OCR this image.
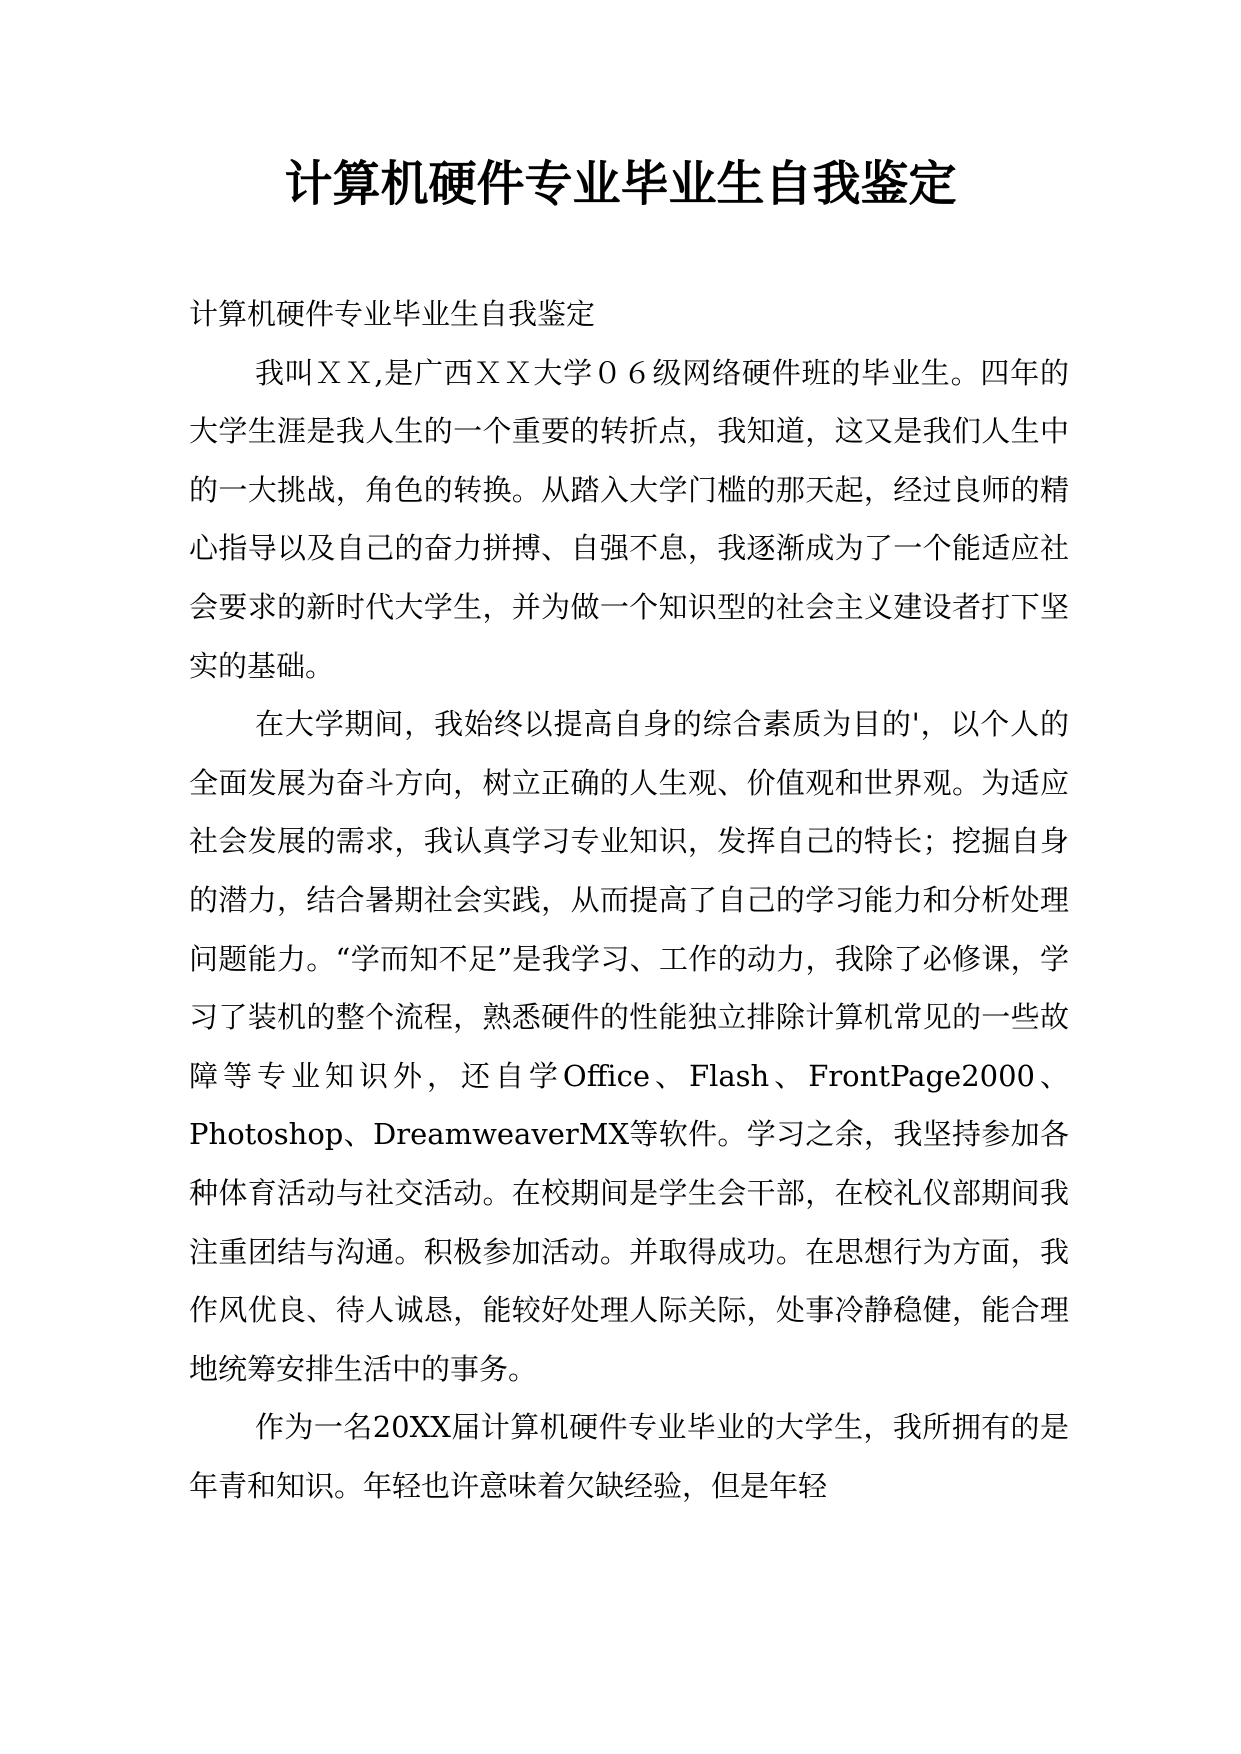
计算机硬件专业毕业生自我鉴定

计算机硬件专业毕业生自我鉴定

我叫ＸＸ,是广西ＸＸ大学０６级网络硬件班的毕业生。四年的大学生涯是我人生的一个重要的转折点，我知道，这又是我们人生中的一大挑战，角色的转换。从踏入大学门槛的那天起，经过良师的精心指导以及自己的奋力拼搏、自强不息，我逐渐成为了一个能适应社会要求的新时代大学生，并为做一个知识型的社会主义建设者打下坚实的基础。

在大学期间，我始终以提高自身的综合素质为目的'，以个人的全面发展为奋斗方向，树立正确的人生观、价值观和世界观。为适应社会发展的需求，我认真学习专业知识，发挥自己的特长；挖掘自身的潜力，结合暑期社会实践，从而提高了自己的学习能力和分析处理问题能力。“学而知不足”是我学习、工作的动力，我除了必修课，学习了装机的整个流程，熟悉硬件的性能独立排除计算机常见的一些故障等专业知识外，还自学Office、Flash、FrontPage2000、Photoshop、DreamweaverMX等软件。学习之余，我坚持参加各种体育活动与社交活动。在校期间是学生会干部，在校礼仪部期间我注重团结与沟通。积极参加活动。并取得成功。在思想行为方面，我作风优良、待人诚恳，能较好处理人际关际，处事冷静稳健，能合理地统筹安排生活中的事务。

作为一名20XX届计算机硬件专业毕业的大学生，我所拥有的是年青和知识。年轻也许意味着欠缺经验，但是年轻
